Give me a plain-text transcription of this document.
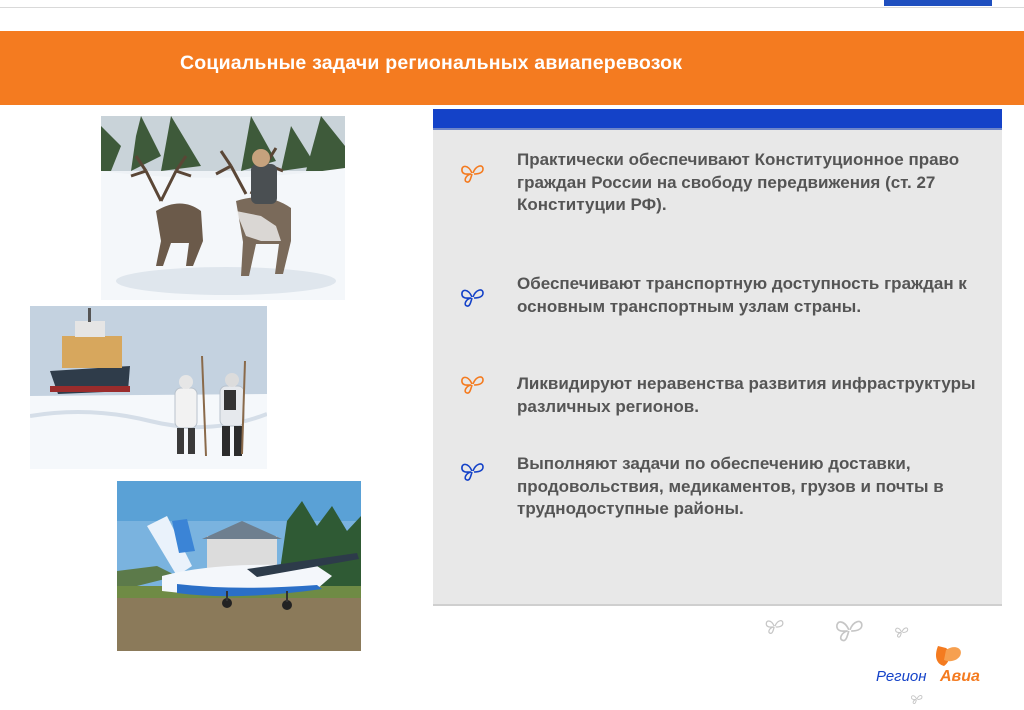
Социальные задачи региональных авиаперевозок
Практически обеспечивают Конституционное право граждан России на свободу передвижения (ст. 27 Конституции РФ).
Обеспечивают транспортную доступность граждан к основным транспортным узлам страны.
Ликвидируют неравенства развития инфраструктуры различных регионов.
Выполняют задачи по обеспечению доставки, продовольствия, медикаментов, грузов и почты в труднодоступные районы.
Регион Авиа
